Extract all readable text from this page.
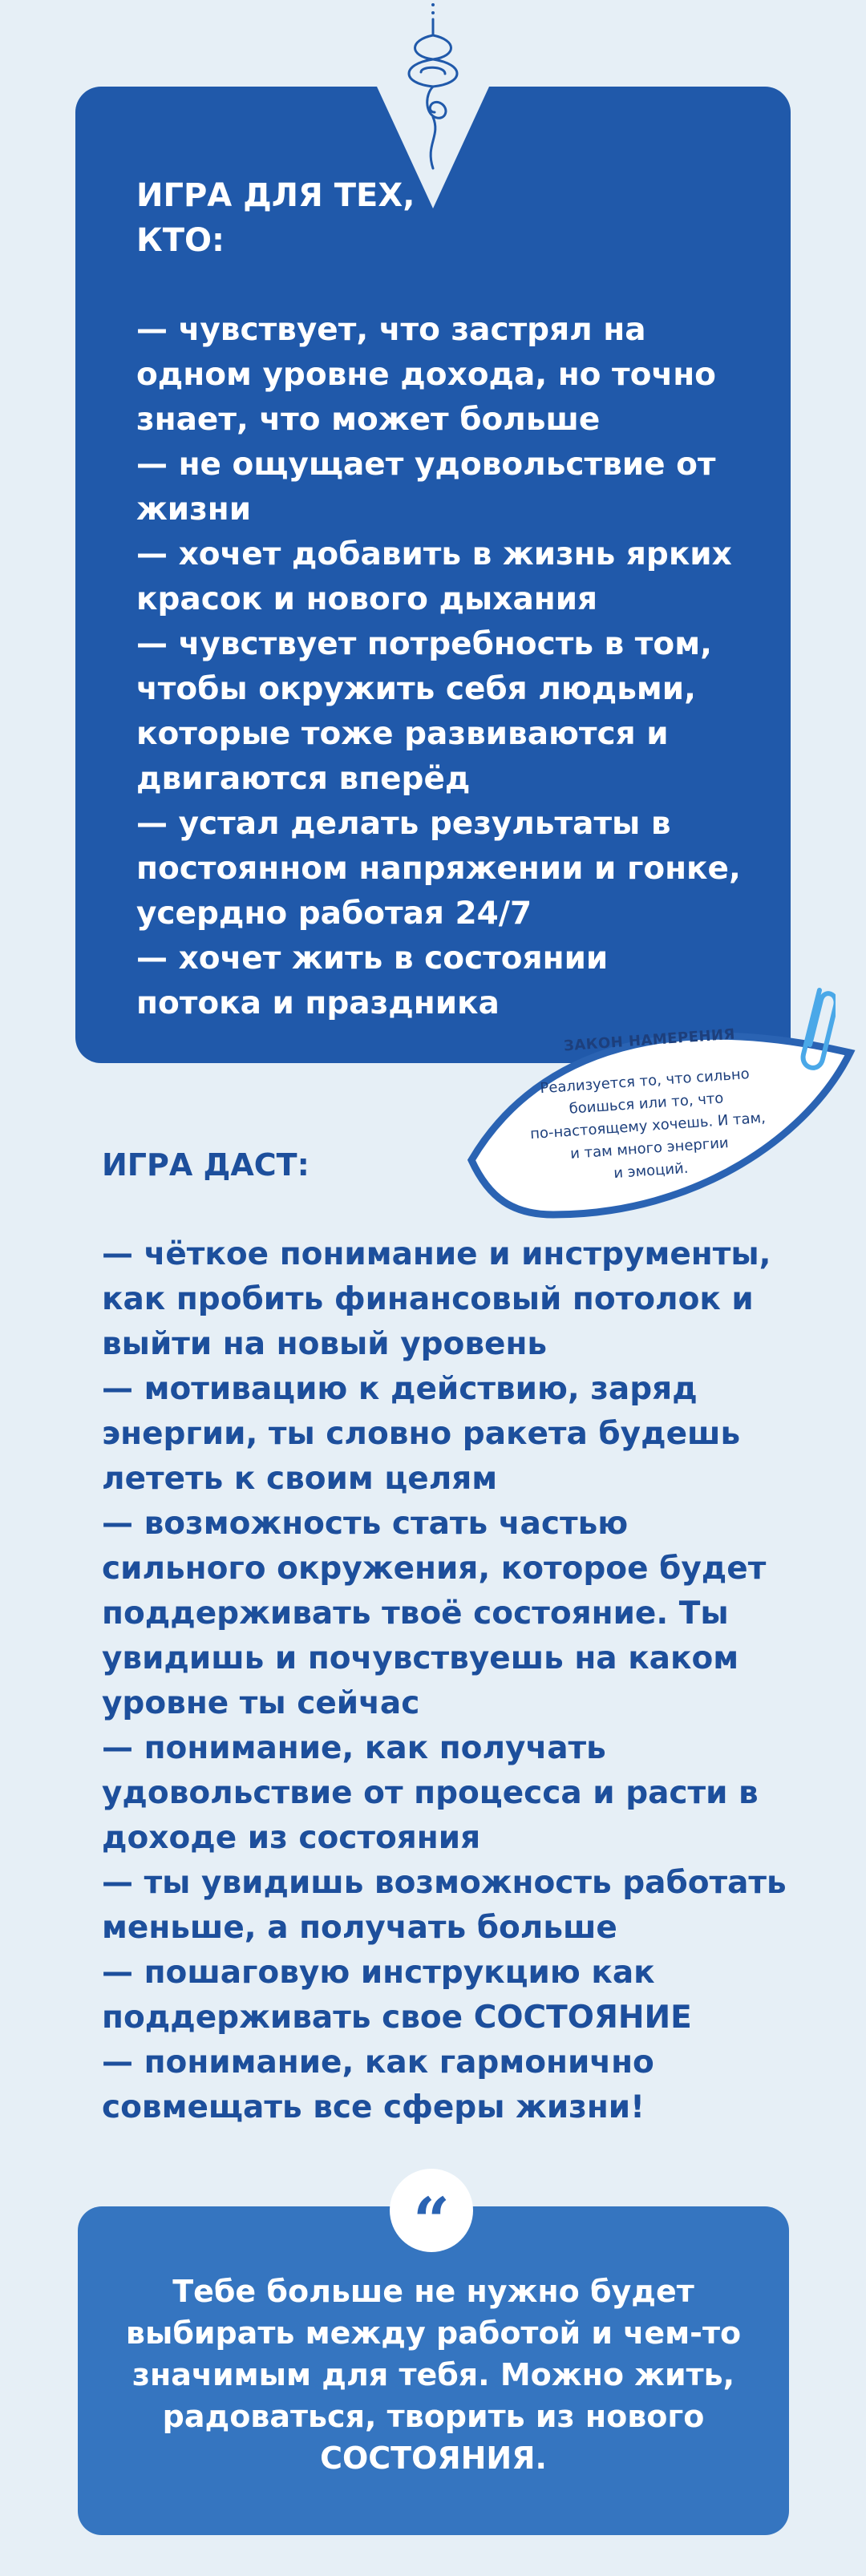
ИГРА ДЛЯ ТЕХ,
КТО:
— чувствует, что застрял на
одном уровне дохода, но точно
знает, что может больше
— не ощущает удовольствие от
жизни
— хочет добавить в жизнь ярких
красок и нового дыхания
— чувствует потребность в том,
чтобы окружить себя людьми,
которые тоже развиваются и
двигаются вперёд
— устал делать результаты в
постоянном напряжении и гонке,
усердно работая 24/7
— хочет жить в состоянии
потока и праздника
ЗАКОН НАМЕРЕНИЯ
Реализуется то, что сильно
боишься или то, что
по-настоящему хочешь. И там,
и там много энергии
и эмоций.
ИГРА ДАСТ:
— чёткое понимание и инструменты,
как пробить финансовый потолок и
выйти на новый уровень
— мотивацию к действию, заряд
энергии, ты словно ракета будешь
лететь к своим целям
— возможность стать частью
сильного окружения, которое будет
поддерживать твоё состояние. Ты
увидишь и почувствуешь на каком
уровне ты сейчас
— понимание, как получать
удовольствие от процесса и расти в
доходе из состояния
— ты увидишь возможность работать
меньше, а получать больше
— пошаговую инструкцию как
поддерживать свое СОСТОЯНИЕ
— понимание, как гармонично
совмещать все сферы жизни!
Тебе больше не нужно будет
выбирать между работой и чем-то
значимым для тебя. Можно жить,
радоваться, творить из нового
СОСТОЯНИЯ.
“
